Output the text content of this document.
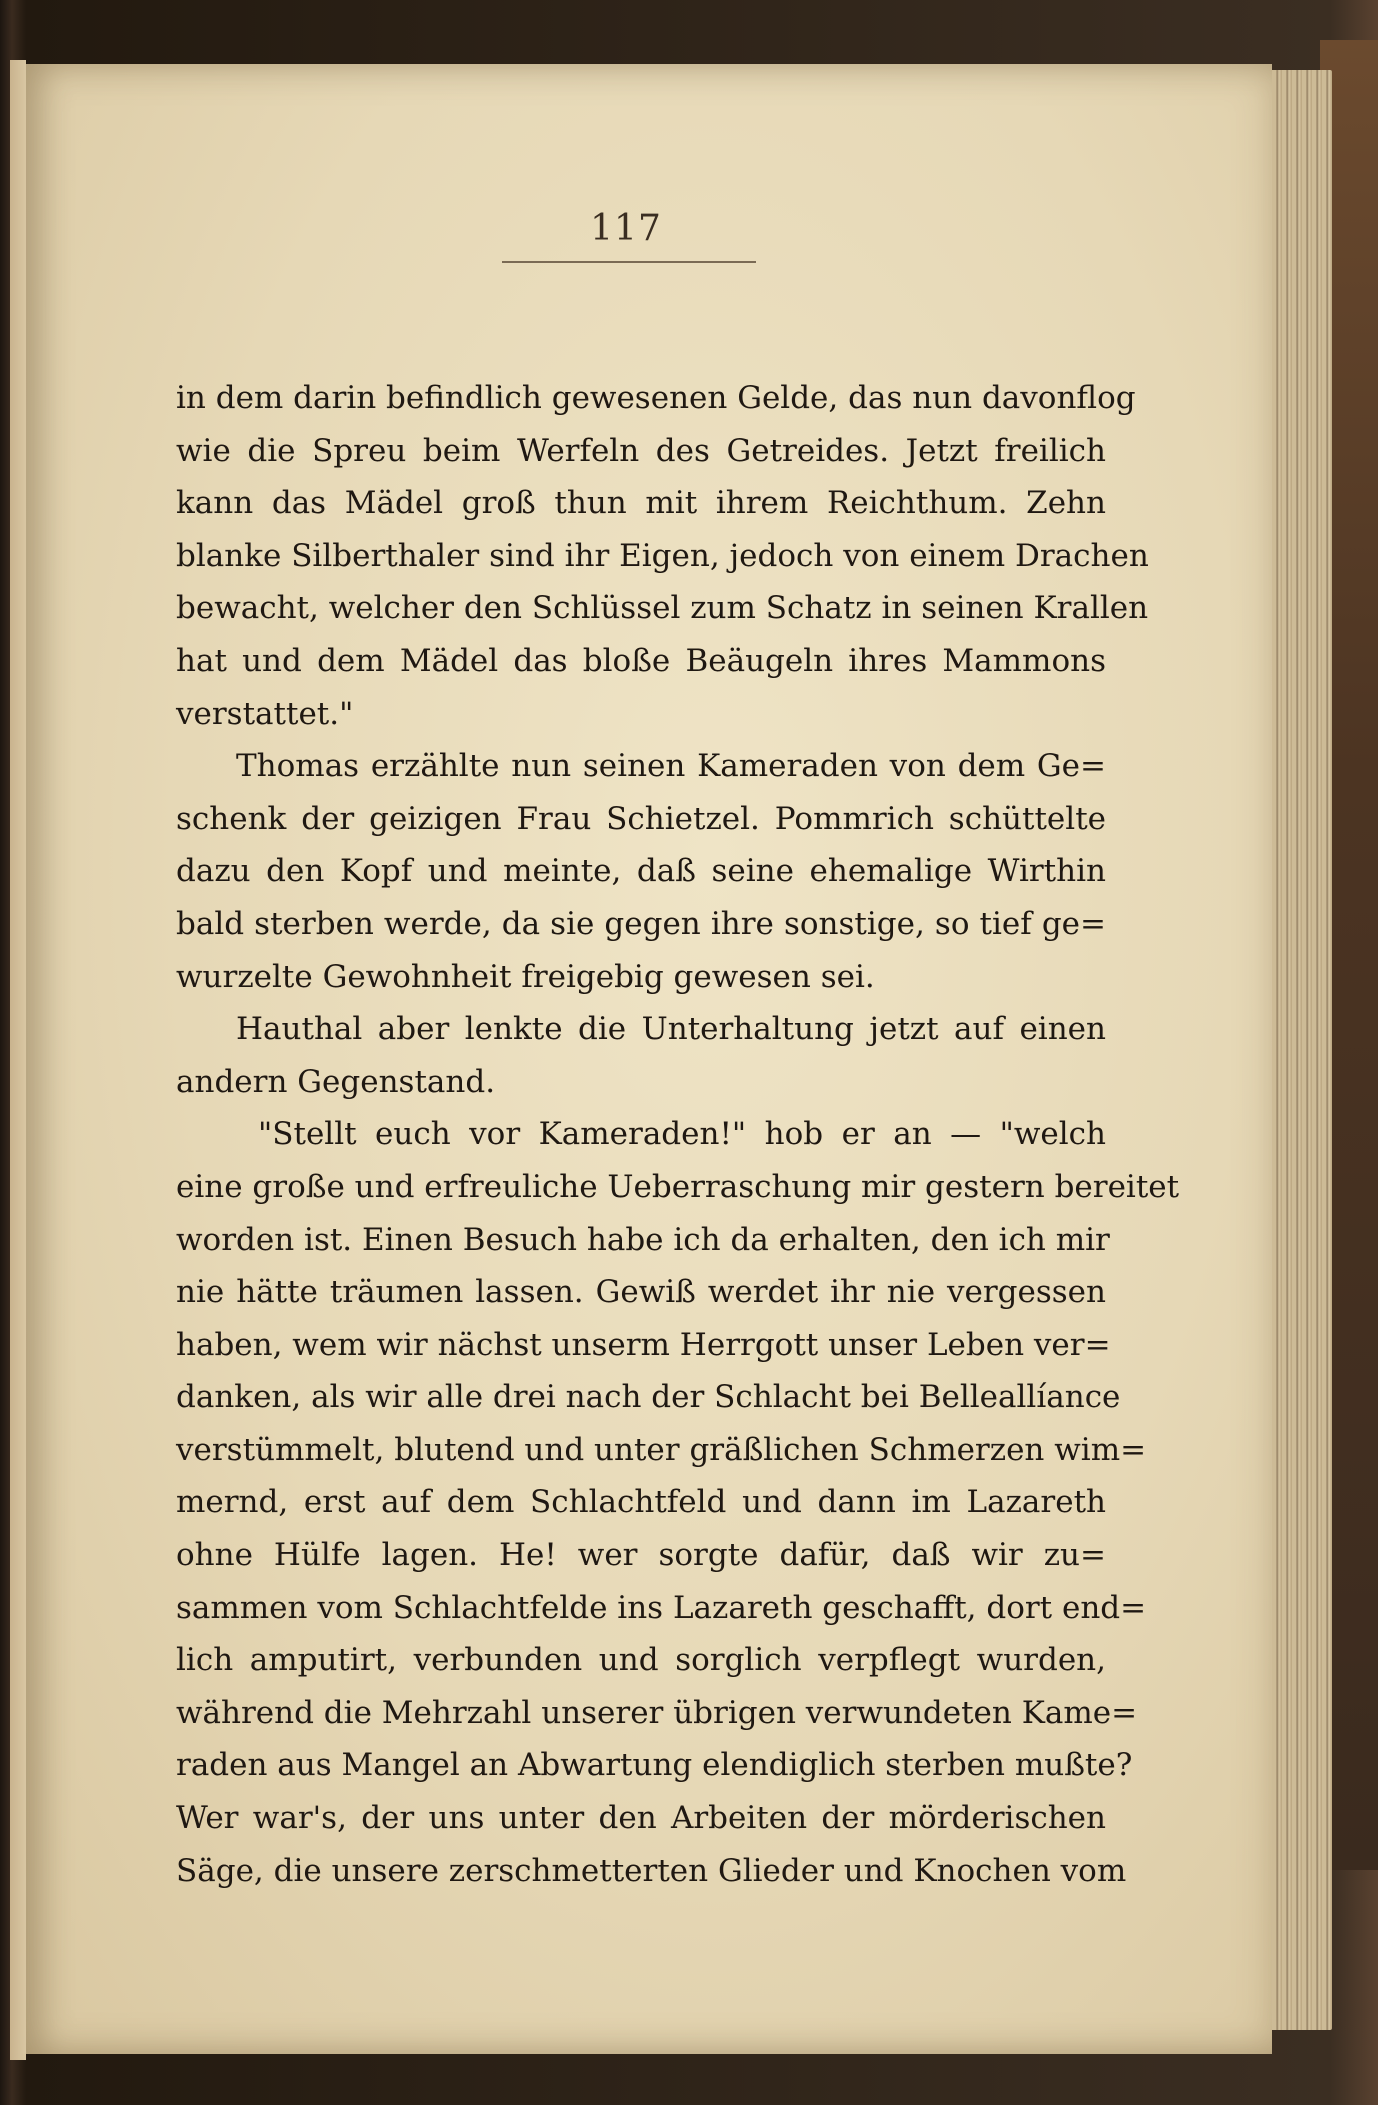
117
in dem darin befindlich gewesenen Gelde, das nun davonflog
wie die Spreu beim Werfeln des Getreides. Jetzt freilich
kann das Mädel groß thun mit ihrem Reichthum. Zehn
blanke Silberthaler sind ihr Eigen, jedoch von einem Drachen
bewacht, welcher den Schlüssel zum Schatz in seinen Krallen
hat und dem Mädel das bloße Beäugeln ihres Mammons
verstattet."
Thomas erzählte nun seinen Kameraden von dem Ge=
schenk der geizigen Frau Schietzel. Pommrich schüttelte
dazu den Kopf und meinte, daß seine ehemalige Wirthin
bald sterben werde, da sie gegen ihre sonstige, so tief ge=
wurzelte Gewohnheit freigebig gewesen sei.
Hauthal aber lenkte die Unterhaltung jetzt auf einen
andern Gegenstand.
"Stellt euch vor Kameraden!" hob er an — "welch
eine große und erfreuliche Ueberraschung mir gestern bereitet
worden ist. Einen Besuch habe ich da erhalten, den ich mir
nie hätte träumen lassen. Gewiß werdet ihr nie vergessen
haben, wem wir nächst unserm Herrgott unser Leben ver=
danken, als wir alle drei nach der Schlacht bei Belleallíance
verstümmelt, blutend und unter gräßlichen Schmerzen wim=
mernd, erst auf dem Schlachtfeld und dann im Lazareth
ohne Hülfe lagen. He! wer sorgte dafür, daß wir zu=
sammen vom Schlachtfelde ins Lazareth geschafft, dort end=
lich amputirt, verbunden und sorglich verpflegt wurden,
während die Mehrzahl unserer übrigen verwundeten Kame=
raden aus Mangel an Abwartung elendiglich sterben mußte?
Wer war's, der uns unter den Arbeiten der mörderischen
Säge, die unsere zerschmetterten Glieder und Knochen vom
